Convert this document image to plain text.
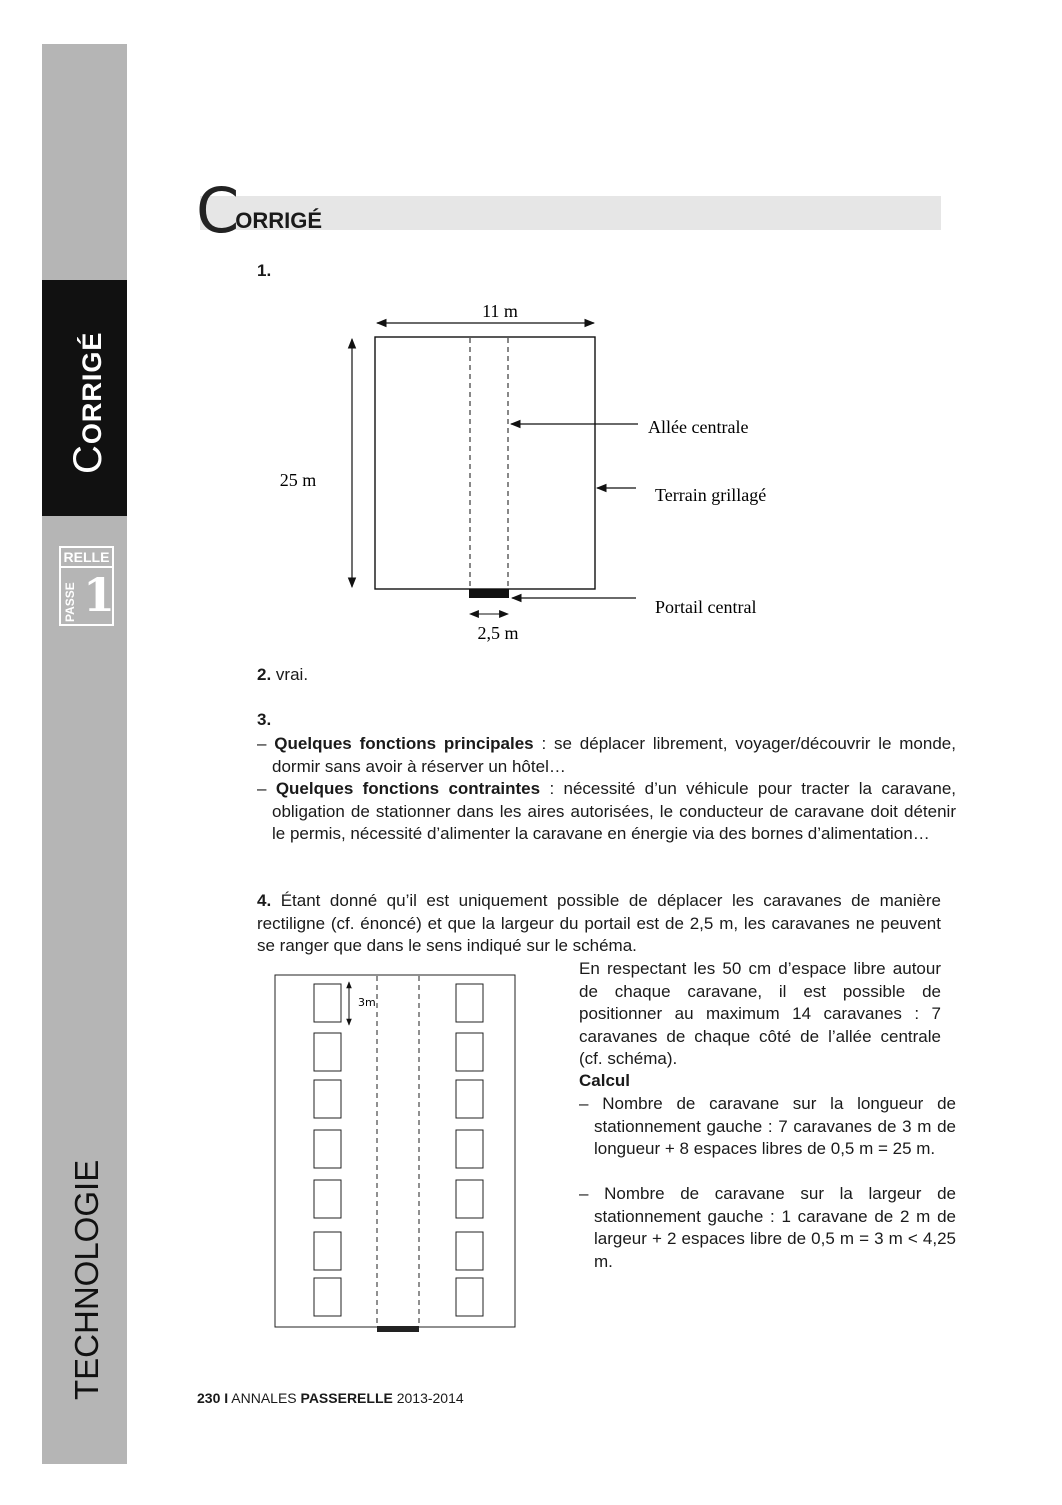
CORRIGÉ
RELLE
PASSE 1
TECHNOLOGIE
CORRIGÉ
1.
11 m
25 m
Allée centrale
Terrain grillagé
Portail central
2,5 m
2. vrai.
3.
– Quelques fonctions principales : se déplacer librement, voyager/découvrir le monde, dormir sans avoir à réserver un hôtel…
– Quelques fonctions contraintes : nécessité d’un véhicule pour tracter la caravane, obligation de stationner dans les aires autorisées, le conducteur de caravane doit détenir le permis, nécessité d’alimenter la caravane en énergie via des bornes d’alimentation…
4. Étant donné qu’il est uniquement possible de déplacer les caravanes de manière rectiligne (cf. énoncé) et que la largeur du portail est de 2,5 m, les caravanes ne peuvent se ranger que dans le sens indiqué sur le schéma.
3m
En respectant les 50 cm d’espace libre autour de chaque caravane, il est possible de positionner au maximum 14 caravanes : 7 caravanes de chaque côté de l’allée centrale (cf. schéma).
Calcul
– Nombre de caravane sur la longueur de stationnement gauche : 7 caravanes de 3 m de longueur + 8 espaces libres de 0,5 m = 25 m.
– Nombre de caravane sur la largeur de stationnement gauche : 1 caravane de 2 m de largeur + 2 espaces libre de 0,5 m = 3 m < 4,25 m.
230 I ANNALES PASSERELLE 2013-2014
